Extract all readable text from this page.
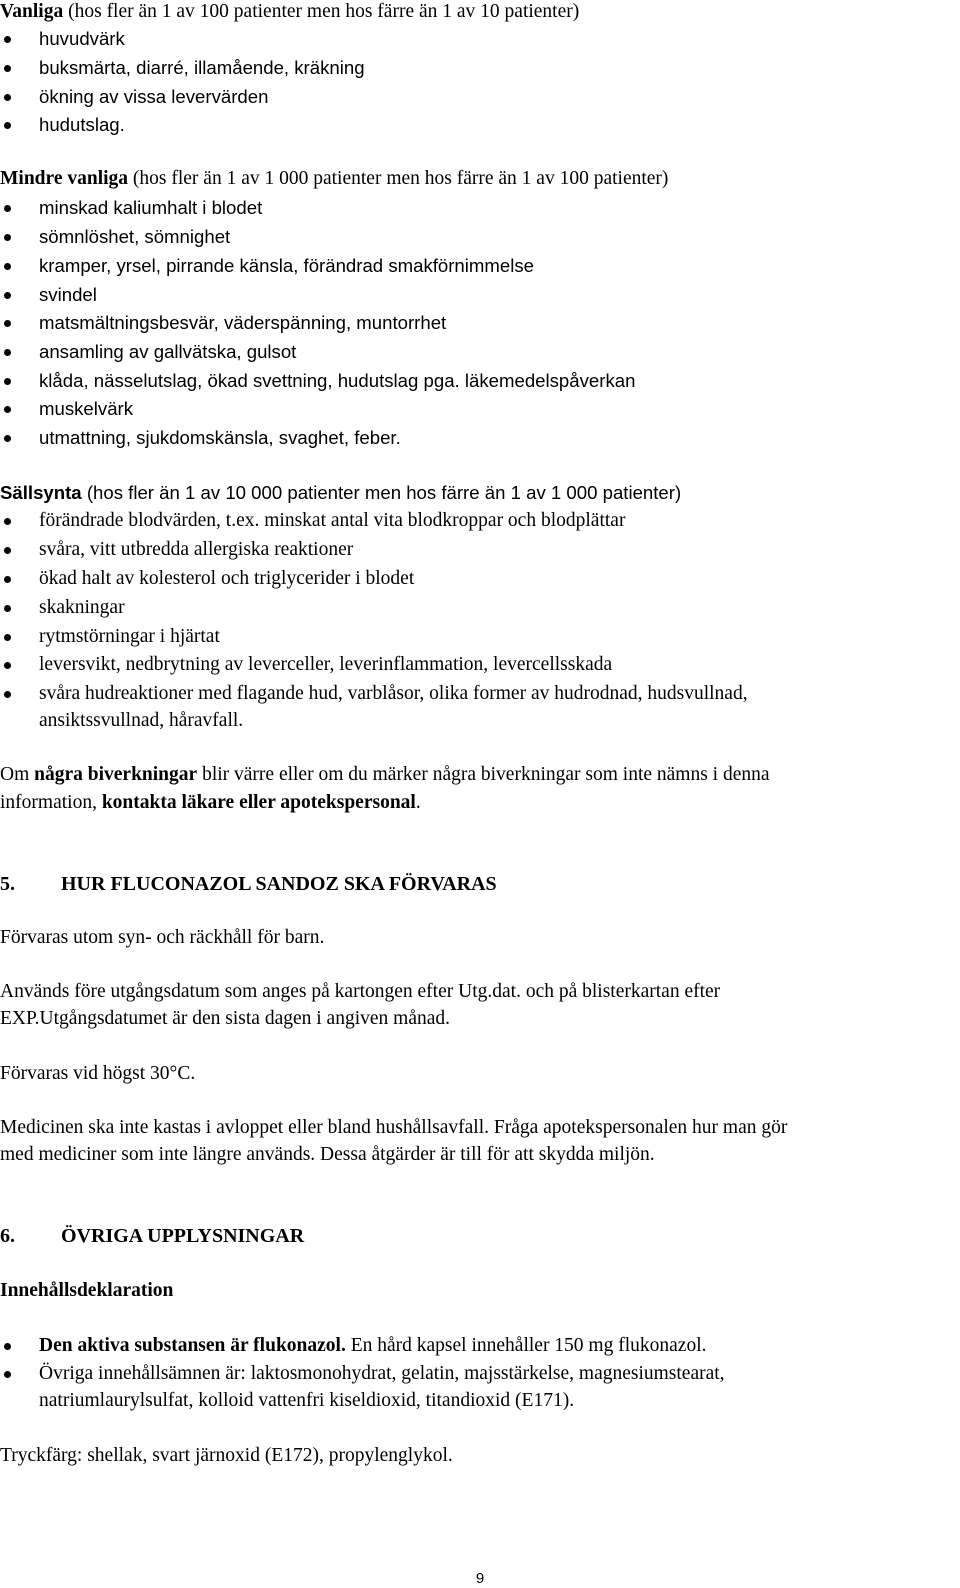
Vanliga (hos fler än 1 av 100 patienter men hos färre än 1 av 10 patienter)
huvudvärk
buksmärta, diarré, illamående, kräkning
ökning av vissa levervärden
hudutslag.
Mindre vanliga (hos fler än 1 av 1 000 patienter men hos färre än 1 av 100 patienter)
minskad kaliumhalt i blodet
sömnlöshet, sömnighet
kramper, yrsel, pirrande känsla, förändrad smakförnimmelse
svindel
matsmältningsbesvär, väderspänning, muntorrhet
ansamling av gallvätska, gulsot
klåda, nässelutslag, ökad svettning, hudutslag pga. läkemedelspåverkan
muskelvärk
utmattning, sjukdomskänsla, svaghet, feber.
Sällsynta (hos fler än 1 av 10 000 patienter men hos färre än 1 av 1 000 patienter)
förändrade blodvärden, t.ex. minskat antal vita blodkroppar och blodplättar
svåra, vitt utbredda allergiska reaktioner
ökad halt av kolesterol och triglycerider i blodet
skakningar
rytmstörningar i hjärtat
leversvikt, nedbrytning av leverceller, leverinflammation, levercellsskada
svåra hudreaktioner med flagande hud, varblåsor, olika former av hudrodnad, hudsvullnad,
ansiktssvullnad, håravfall.
Om några biverkningar blir värre eller om du märker några biverkningar som inte nämns i denna
information, kontakta läkare eller apotekspersonal.
5. HUR FLUCONAZOL SANDOZ SKA FÖRVARAS
Förvaras utom syn- och räckhåll för barn.
Används före utgångsdatum som anges på kartongen efter Utg.dat. och på blisterkartan efter
EXP.Utgångsdatumet är den sista dagen i angiven månad.
Förvaras vid högst 30°C.
Medicinen ska inte kastas i avloppet eller bland hushållsavfall. Fråga apotekspersonalen hur man gör
med mediciner som inte längre används. Dessa åtgärder är till för att skydda miljön.
6. ÖVRIGA UPPLYSNINGAR
Innehållsdeklaration
Den aktiva substansen är flukonazol. En hård kapsel innehåller 150 mg flukonazol.
Övriga innehållsämnen är: laktosmonohydrat, gelatin, majsstärkelse, magnesiumstearat,
natriumlaurylsulfat, kolloid vattenfri kiseldioxid, titandioxid (E171).
Tryckfärg: shellak, svart järnoxid (E172), propylenglykol.
9
